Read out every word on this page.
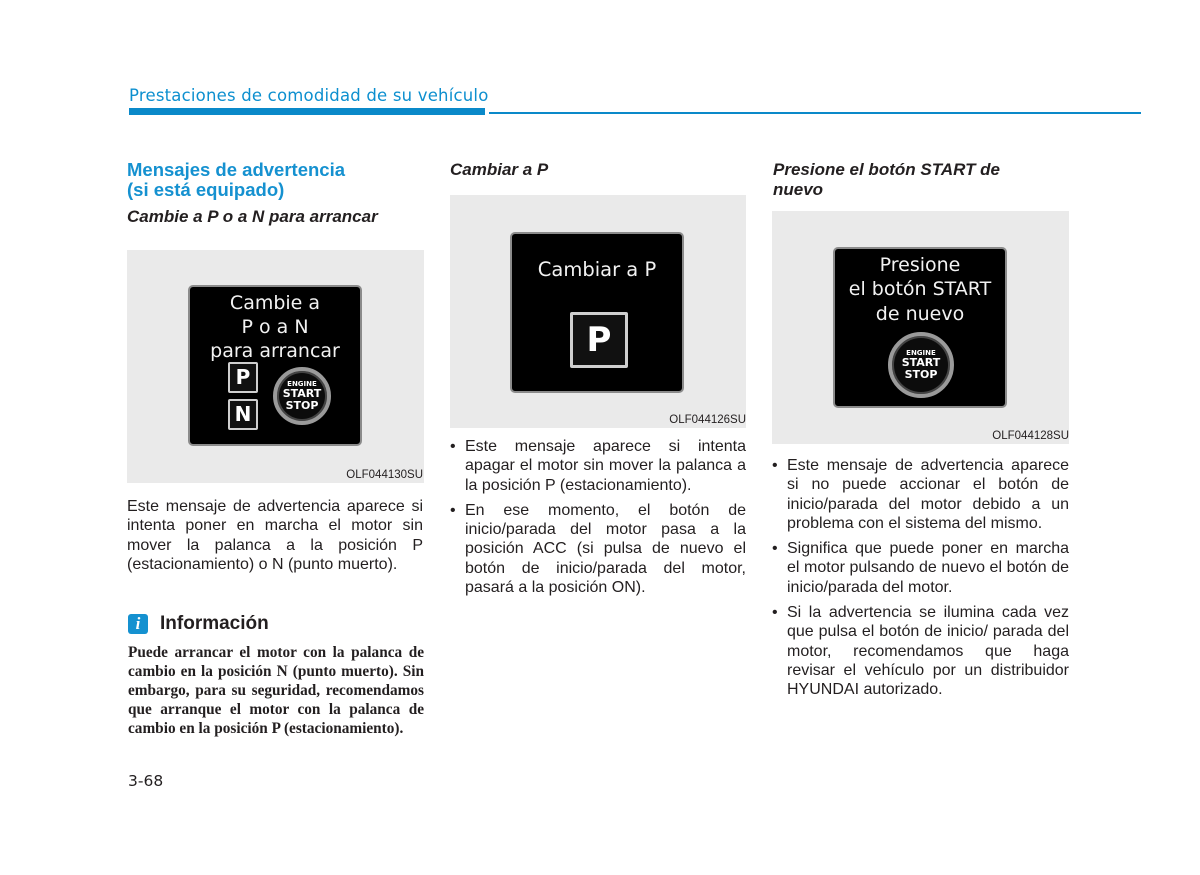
Prestaciones de comodidad de su vehículo
Mensajes de advertencia
(si está equipado)
Cambie a P o a N para arrancar
Cambie a
P o a N
para arrancar
P
N
ENGINE
START
STOP
OLF044130SU

Este mensaje de advertencia aparece si intenta poner en marcha el motor sin mover la palanca a la posición P (estacionamiento) o N (punto muerto).

i	Información

Puede arrancar el motor con la palanca de cambio en la posición N (punto muerto). Sin embargo, para su seguridad, recomendamos que arranque el motor con la palanca de cambio en la posición P (estacionamiento).

Cambiar a P
Cambiar a P
P
OLF044126SU
• Este mensaje aparece si intenta apagar el motor sin mover la palanca a la posición P (estacionamiento).
• En ese momento, el botón de inicio/parada del motor pasa a la posición ACC (si pulsa de nuevo el botón de inicio/parada del motor, pasará a la posición ON).
Presione el botón START de
nuevo
Presione
el botón START
de nuevo
ENGINE
START
STOP
OLF044128SU
• Este mensaje de advertencia aparece si no puede accionar el botón de inicio/parada del motor debido a un problema con el sistema del mismo.
• Significa que puede poner en marcha el motor pulsando de nuevo el botón de inicio/parada del motor.
• Si la advertencia se ilumina cada vez que pulsa el botón de inicio/ parada del motor, recomendamos que haga revisar el vehículo por un distribuidor HYUNDAI autorizado.
3-68
